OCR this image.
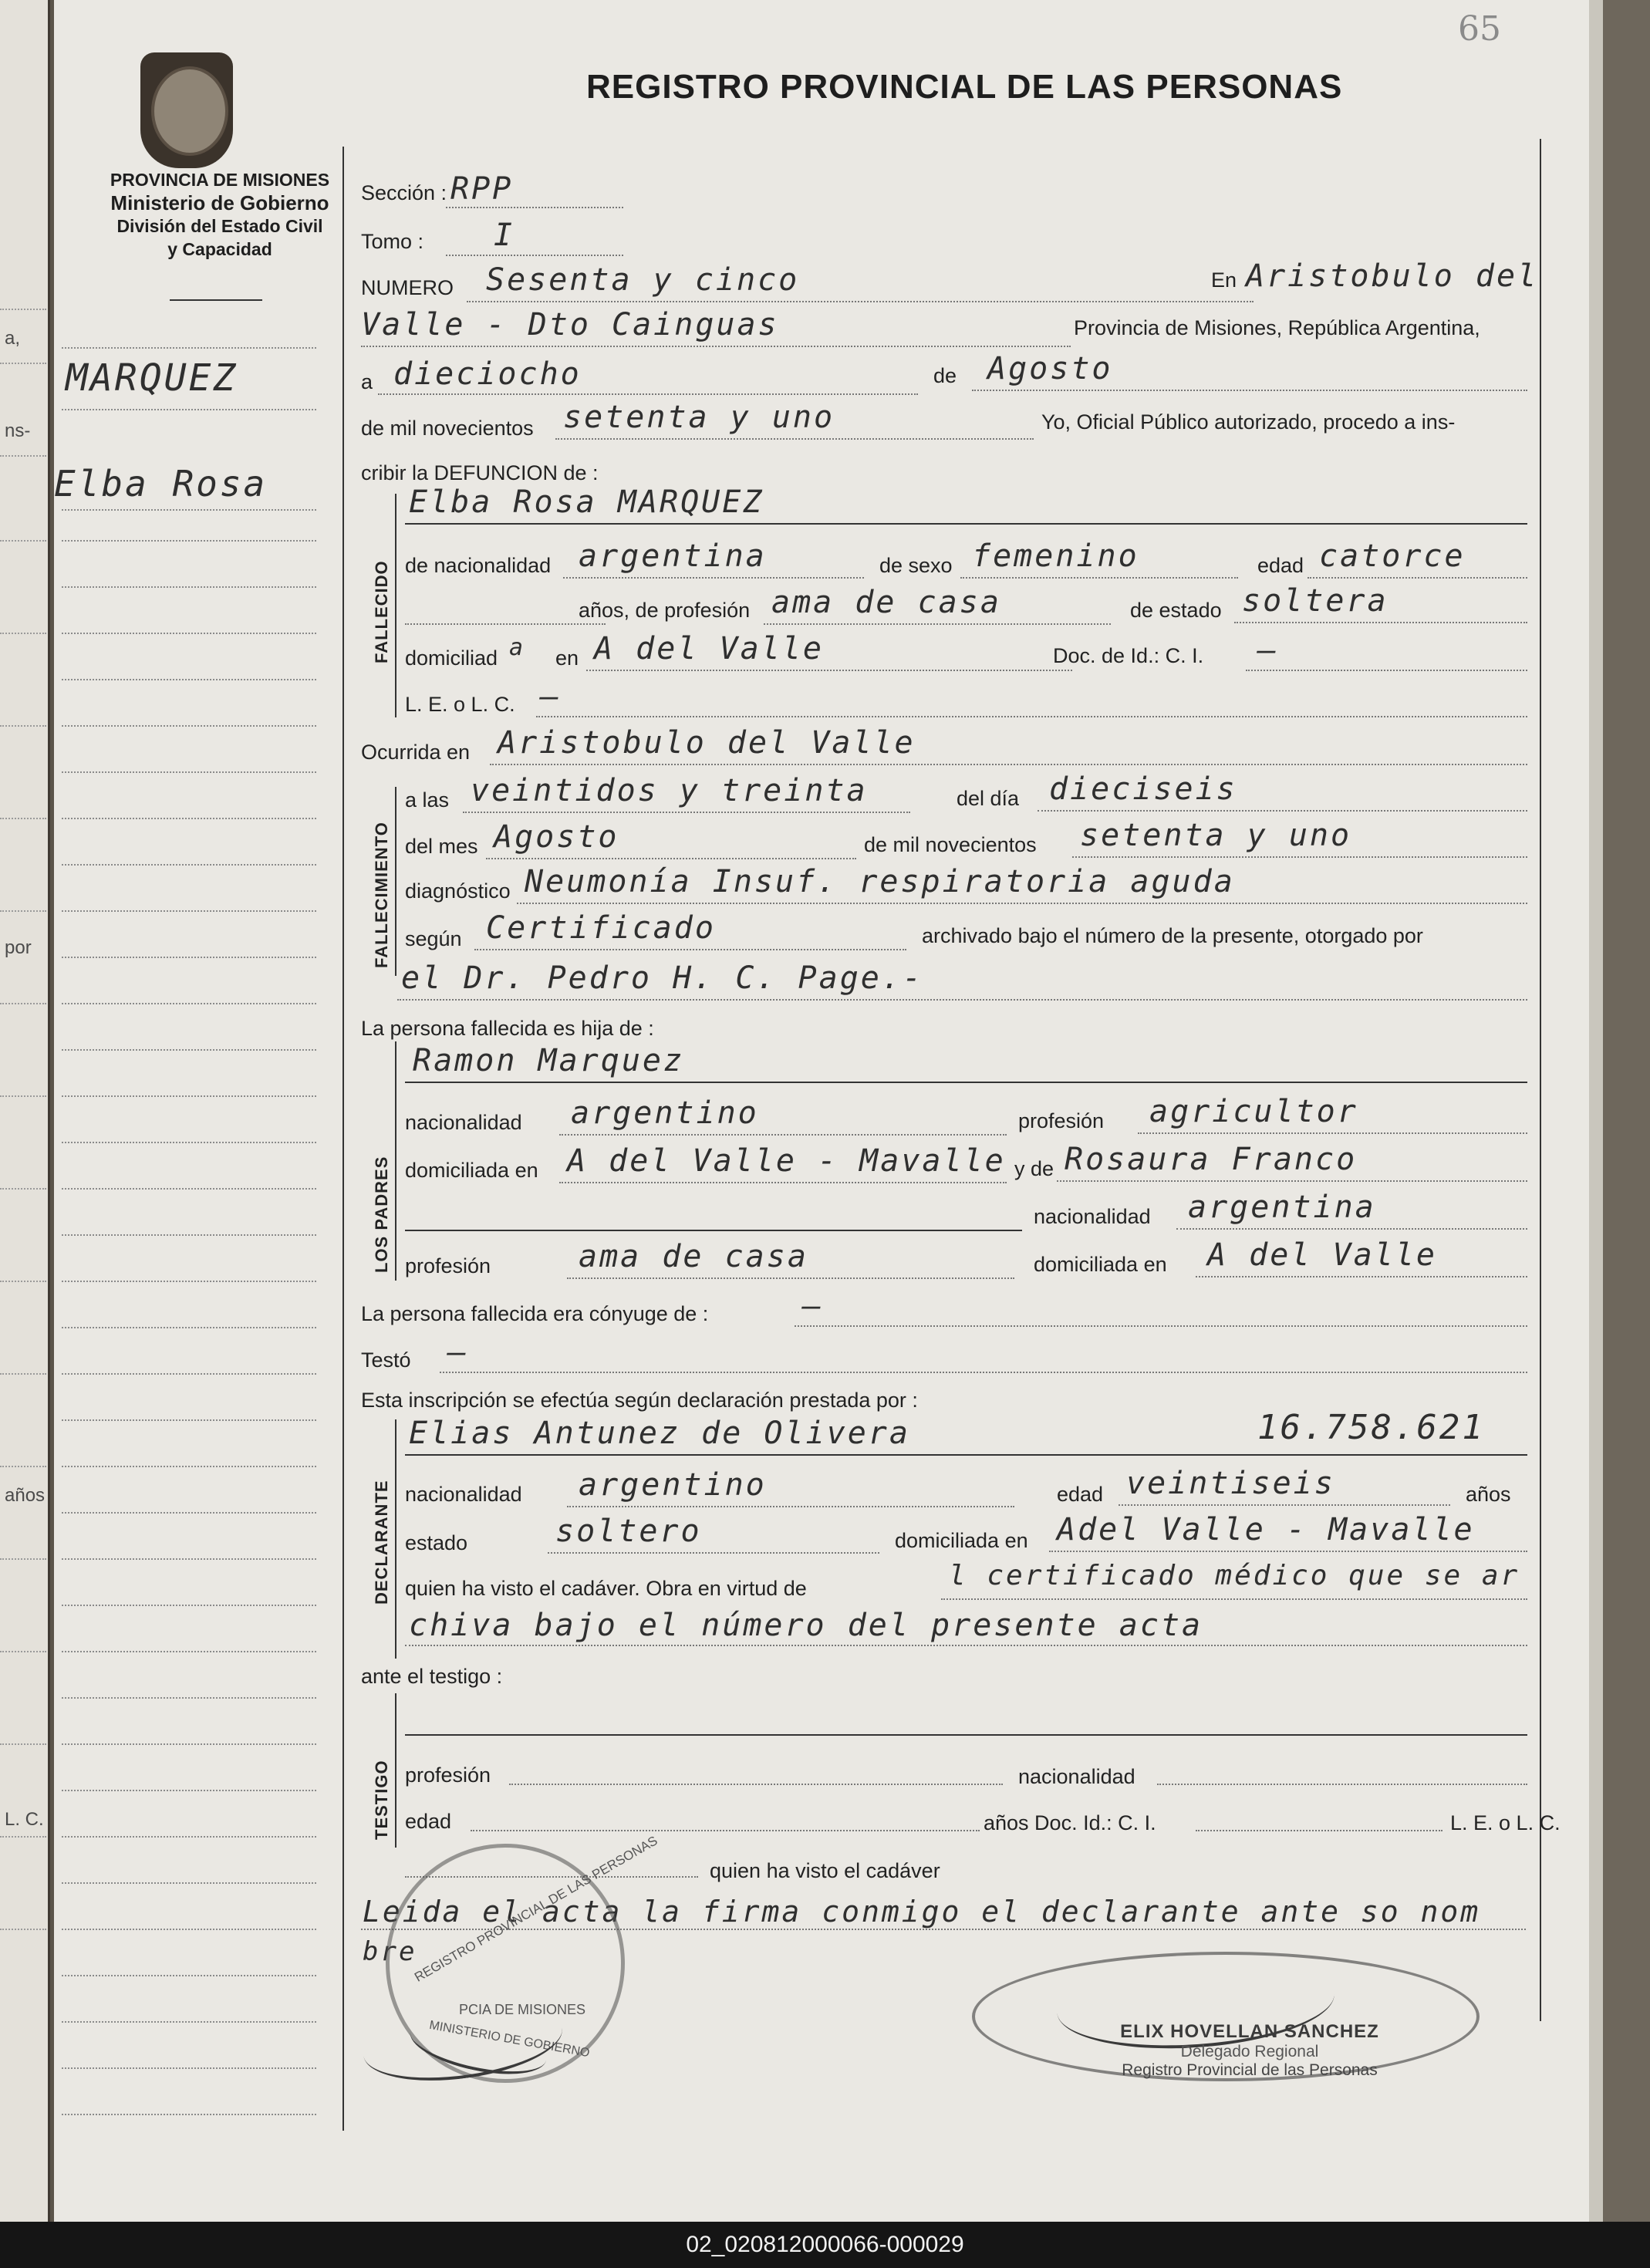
a,
ns-
por
años
L. C.
65
PROVINCIA DE MISIONES
Ministerio de Gobierno
División del Estado Civil
y Capacidad
REGISTRO PROVINCIAL DE LAS PERSONAS
MARQUEZ
Elba Rosa
Sección : RPP
Tomo : I
NUMERO Sesenta y cinco	En Aristobulo del
Valle - Dto Cainguas	Provincia de Misiones, República Argentina,
a dieciocho	de Agosto
de mil novecientos setenta y uno	Yo, Oficial Público autorizado, procedo a ins-
cribir la DEFUNCION de :
FALLECIDO
Elba Rosa MARQUEZ
de nacionalidad argentina	de sexo femenino	edad catorce
años, de profesión ama de casa	de estado soltera
domiciliad a en A del Valle	Doc. de Id.: C. I. —
L. E. o L. C. —
Ocurrida en Aristobulo del Valle
FALLECIMIENTO
a las veintidos y treinta	del día dieciseis
del mes Agosto	de mil novecientos setenta y uno
diagnóstico Neumonía Insuf. respiratoria aguda
según Certificado	archivado bajo el número de la presente, otorgado por
el Dr. Pedro H. C. Page.-
La persona fallecida es hija de :
LOS PADRES
Ramon Marquez
nacionalidad argentino	profesión agricultor
domiciliada en A del Valle - Mavalle y de Rosaura Franco
nacionalidad argentina
profesión	ama de casa	domiciliada en A del Valle
La persona fallecida era cónyuge de :	—
Testó —
Esta inscripción se efectúa según declaración prestada por :
DECLARANTE
Elias Antunez de Olivera	16.758.621
nacionalidad argentino	edad veintiseis	años
estado	soltero	domiciliada en Adel Valle - Mavalle
quien ha visto el cadáver. Obra en virtud de	l certificado médico que se ar
chiva bajo el número del presente acta
ante el testigo :
TESTIGO profesión	nacionalidad
edad	años Doc. Id.: C. I.	L. E. o L. C.
quien ha visto el cadáver
Leida el acta la firma conmigo el declarante ante so nom
bre
REGISTRO PROVINCIAL DE LAS PERSONAS
PCIA DE MISIONES
MINISTERIO DE GOBIERNO	ELIX HOVELLAN SANCHEZ
Delegado Regional
Registro Provincial de las Personas
02_020812000066-000029
